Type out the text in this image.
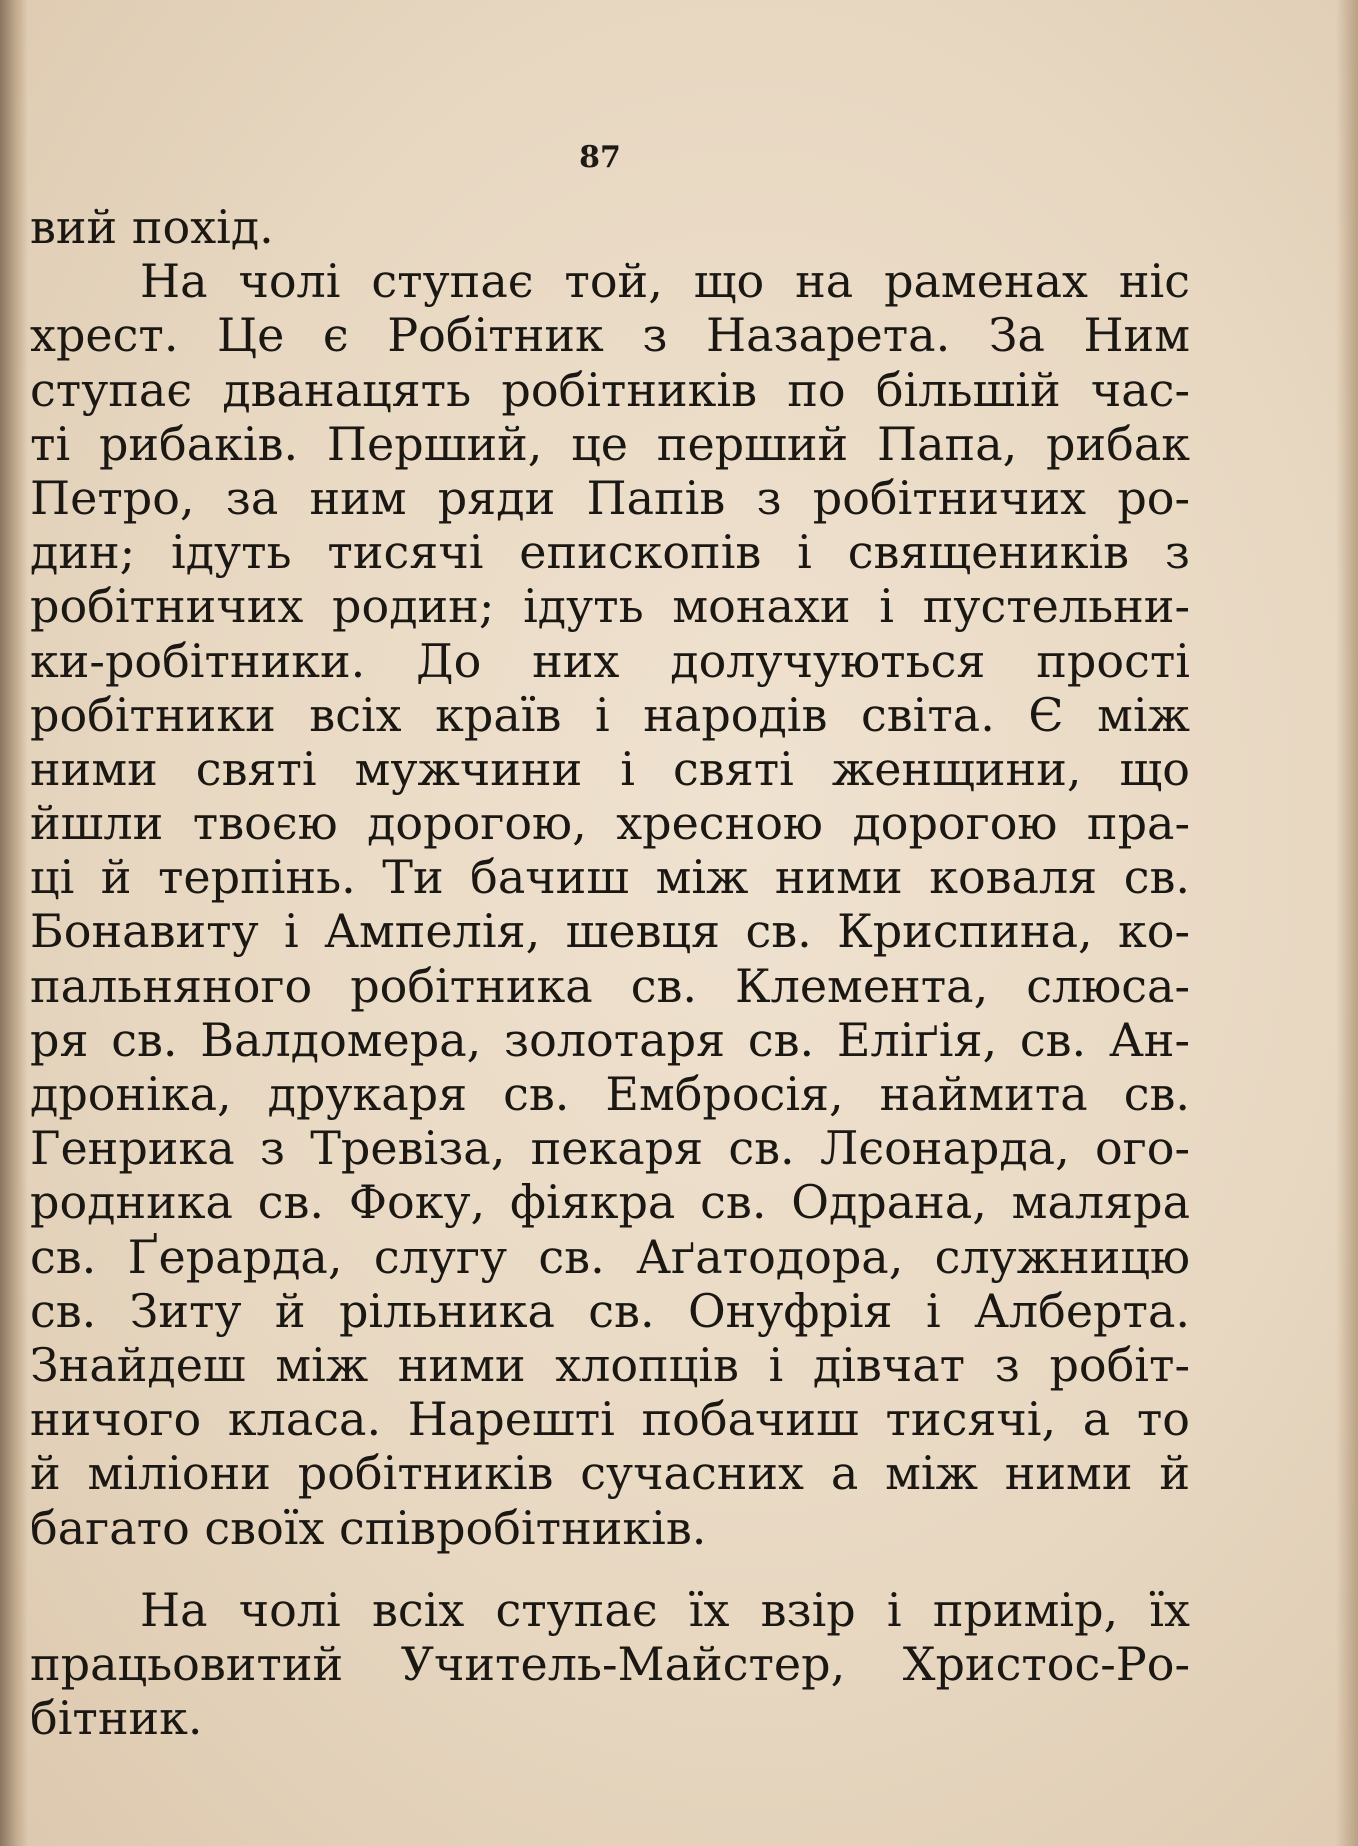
87
вий похід.
На чолі ступає той, що на раменах ніс
хрест. Це є Робітник з Назарета. За Ним
ступає дванацять робітників по більшій час-
ті рибаків. Перший, це перший Папа, рибак
Петро, за ним ряди Папів з робітничих ро-
дин; ідуть тисячі епископів і священиків з
робітничих родин; ідуть монахи і пустельни-
ки-робітники. До них долучуються прості
робітники всіх країв і народів світа. Є між
ними святі мужчини і святі женщини, що
йшли твоєю дорогою, хресною дорогою пра-
ці й терпінь. Ти бачиш між ними коваля св.
Бонавиту і Ампелія, шевця св. Криспина, ко-
пальняного робітника св. Клемента, слюса-
ря св. Валдомера, золотаря св. Елiґія, св. Ан-
дроніка, друкаря св. Ембросія, наймита св.
Генрика з Тревіза, пекаря св. Лєонарда, ого-
родника св. Фоку, фіякра св. Одрана, маляра
св. Ґерарда, слугу св. Аґатодора, служницю
св. Зиту й рільника св. Онуфрія і Алберта.
Знайдеш між ними хлопців і дівчат з робіт-
ничого класа. Нарешті побачиш тисячі, а то
й міліони робітників сучасних а між ними й
багато своїх співробітників.
На чолі всіх ступає їх взір і примір, їх
працьовитий Учитель-Майстер, Христос-Ро-
бітник.
